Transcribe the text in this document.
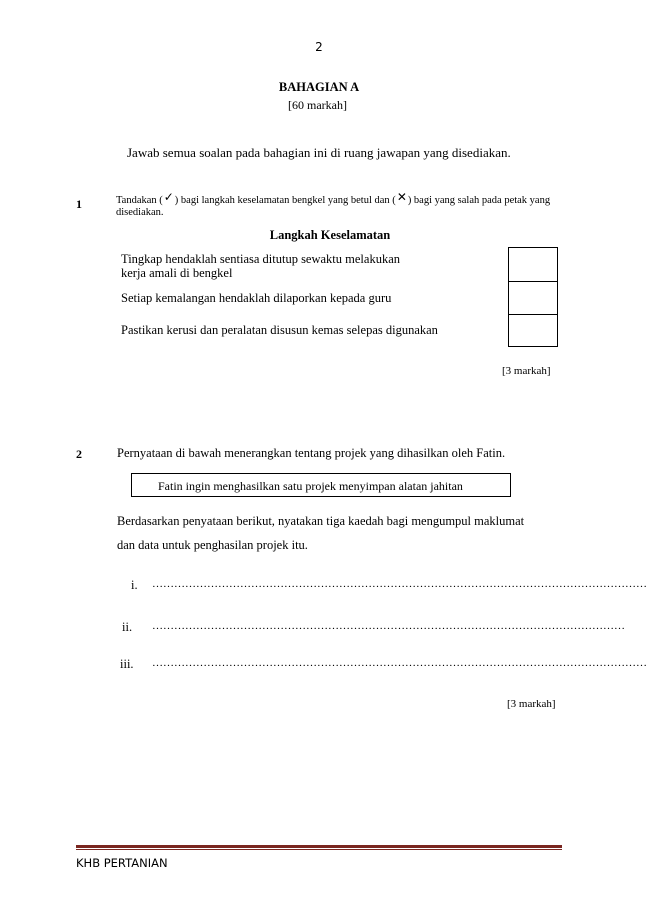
2
BAHAGIAN A
[60 markah]
Jawab semua soalan pada bahagian ini di ruang jawapan yang disediakan.
1	Tandakan ( ✓ ) bagi langkah keselamatan bengkel yang betul dan ( ✕ ) bagi yang salah pada petak yang disediakan.
Langkah Keselamatan
Tingkap hendaklah sentiasa ditutup sewaktu melakukan kerja amali di bengkel
Setiap kemalangan hendaklah dilaporkan kepada guru
Pastikan kerusi dan peralatan disusun kemas selepas digunakan
[3 markah]
2	Pernyataan di bawah menerangkan tentang projek yang dihasilkan oleh Fatin.
Fatin ingin menghasilkan satu projek menyimpan alatan jahitan
Berdasarkan penyataan berikut, nyatakan tiga kaedah bagi mengumpul maklumat
dan data untuk penghasilan projek itu.
i. ………………………………………………………………………………………………………………………
ii. …………………………………………………………………………………………………………………
iii. ………………………………………………………………………………………………………………………
[3 markah]
KHB PERTANIAN
